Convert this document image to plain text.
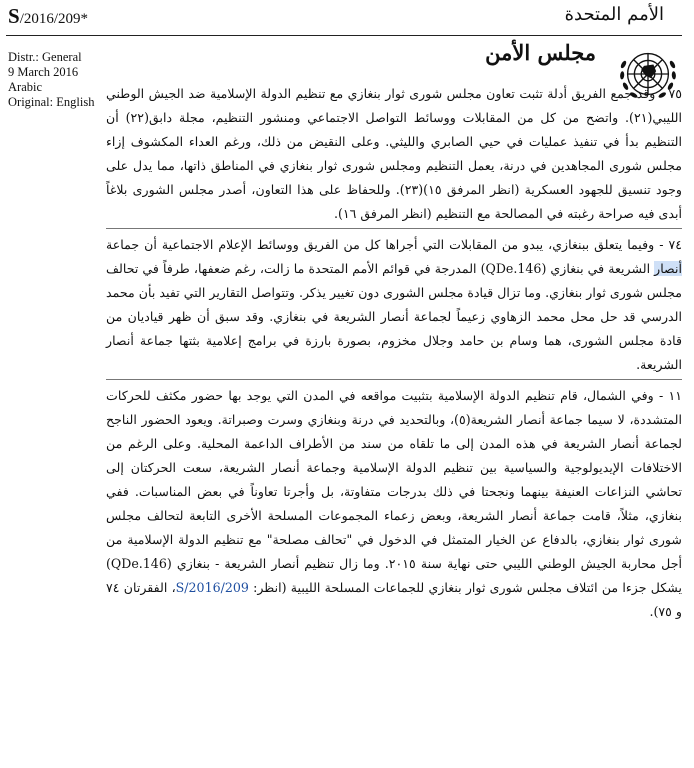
S/2016/209*	الأمم المتحدة
Distr.: General
9 March 2016
Arabic
Original: English
مجلس الأمن

٧٥ - وقد جمع الفريق أدلة تثبت تعاون مجلس شورى ثوار بنغازي مع تنظيم الدولة الإسلامية ضد الجيش الوطني الليبي(٢١). واتضح من كل من المقابلات ووسائط التواصل الاجتماعي ومنشور التنظيم، مجلة دابق(٢٢) أن التنظيم بدأ في تنفيذ عمليات في حيي الصابري والليثي. وعلى النقيض من ذلك، ورغم العداء المكشوف إزاء مجلس شورى المجاهدين في درنة، يعمل التنظيم ومجلس شورى ثوار بنغازي في المناطق ذاتها، مما يدل على وجود تنسيق للجهود العسكرية (انظر المرفق ١٥)(٢٣). وللحفاظ على هذا التعاون، أصدر مجلس الشورى بلاغاً أبدى فيه صراحة رغبته في المصالحة مع التنظيم (انظر المرفق ١٦).

٧٤ - وفيما يتعلق ببنغازي، يبدو من المقابلات التي أجراها كل من الفريق ووسائط الإعلام الاجتماعية أن جماعة أنصار الشريعة في بنغازي (QDe.146) المدرجة في قوائم الأمم المتحدة ما زالت، رغم ضعفها، طرفاً في تحالف مجلس شورى ثوار بنغازي. وما تزال قيادة مجلس الشورى دون تغيير يذكر. وتتواصل التقارير التي تفيد بأن محمد الدرسي قد حل محل محمد الزهاوي زعيماً لجماعة أنصار الشريعة في بنغازي. وقد سبق أن ظهر قياديان من قادة مجلس الشورى، هما وسام بن حامد وجلال مخزوم، بصورة بارزة في برامج إعلامية بثتها جماعة أنصار الشريعة.

١١ - وفي الشمال، قام تنظيم الدولة الإسلامية بتثبيت مواقعه في المدن التي يوجد بها حضور مكثف للحركات المتشددة، لا سيما جماعة أنصار الشريعة(٥)، وبالتحديد في درنة وبنغازي وسرت وصبراتة. ويعود الحضور الناجح لجماعة أنصار الشريعة في هذه المدن إلى ما تلقاه من سند من الأطراف الداعمة المحلية. وعلى الرغم من الاختلافات الإيديولوجية والسياسية بين تنظيم الدولة الإسلامية وجماعة أنصار الشريعة، سعت الحركتان إلى تحاشي النزاعات العنيفة بينهما ونجحتا في ذلك بدرجات متفاوتة، بل وأجرتا تعاوناً في بعض المناسبات. ففي بنغازي، مثلاً، قامت جماعة أنصار الشريعة، وبعض زعماء المجموعات المسلحة الأخرى التابعة لتحالف مجلس شورى ثوار بنغازي، بالدفاع عن الخيار المتمثل في الدخول في "تحالف مصلحة" مع تنظيم الدولة الإسلامية من أجل محاربة الجيش الوطني الليبي حتى نهاية سنة ٢٠١٥. وما زال تنظيم أنصار الشريعة - بنغازي (QDe.146) يشكل جزءا من ائتلاف مجلس شورى ثوار بنغازي للجماعات المسلحة الليبية (انظر: S/2016/209، الفقرتان ٧٤ و ٧٥).
